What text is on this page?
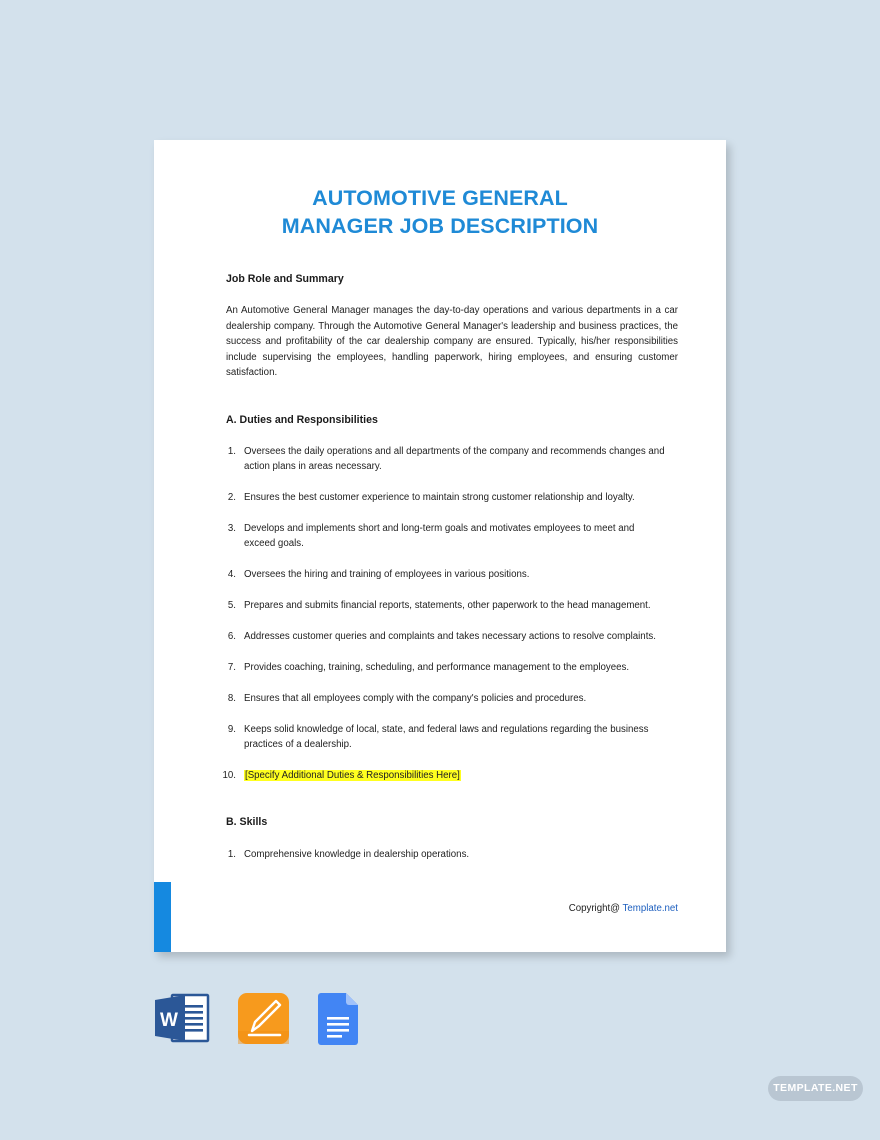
AUTOMOTIVE GENERAL
MANAGER JOB DESCRIPTION
Job Role and Summary
An Automotive General Manager manages the day-to-day operations and various departments in a car dealership company. Through the Automotive General Manager's leadership and business practices, the success and profitability of the car dealership company are ensured. Typically, his/her responsibilities include supervising the employees, handling paperwork, hiring employees, and ensuring customer satisfaction.
A. Duties and Responsibilities
1. Oversees the daily operations and all departments of the company and recommends changes and action plans in areas necessary.
2. Ensures the best customer experience to maintain strong customer relationship and loyalty.
3. Develops and implements short and long-term goals and motivates employees to meet and exceed goals.
4. Oversees the hiring and training of employees in various positions.
5. Prepares and submits financial reports, statements, other paperwork to the head management.
6. Addresses customer queries and complaints and takes necessary actions to resolve complaints.
7. Provides coaching, training, scheduling, and performance management to the employees.
8. Ensures that all employees comply with the company's policies and procedures.
9. Keeps solid knowledge of local, state, and federal laws and regulations regarding the business practices of a dealership.
10. [Specify Additional Duties & Responsibilities Here]
B. Skills
1. Comprehensive knowledge in dealership operations.
Copyright@ Template.net
W
TEMPLATE.NET
